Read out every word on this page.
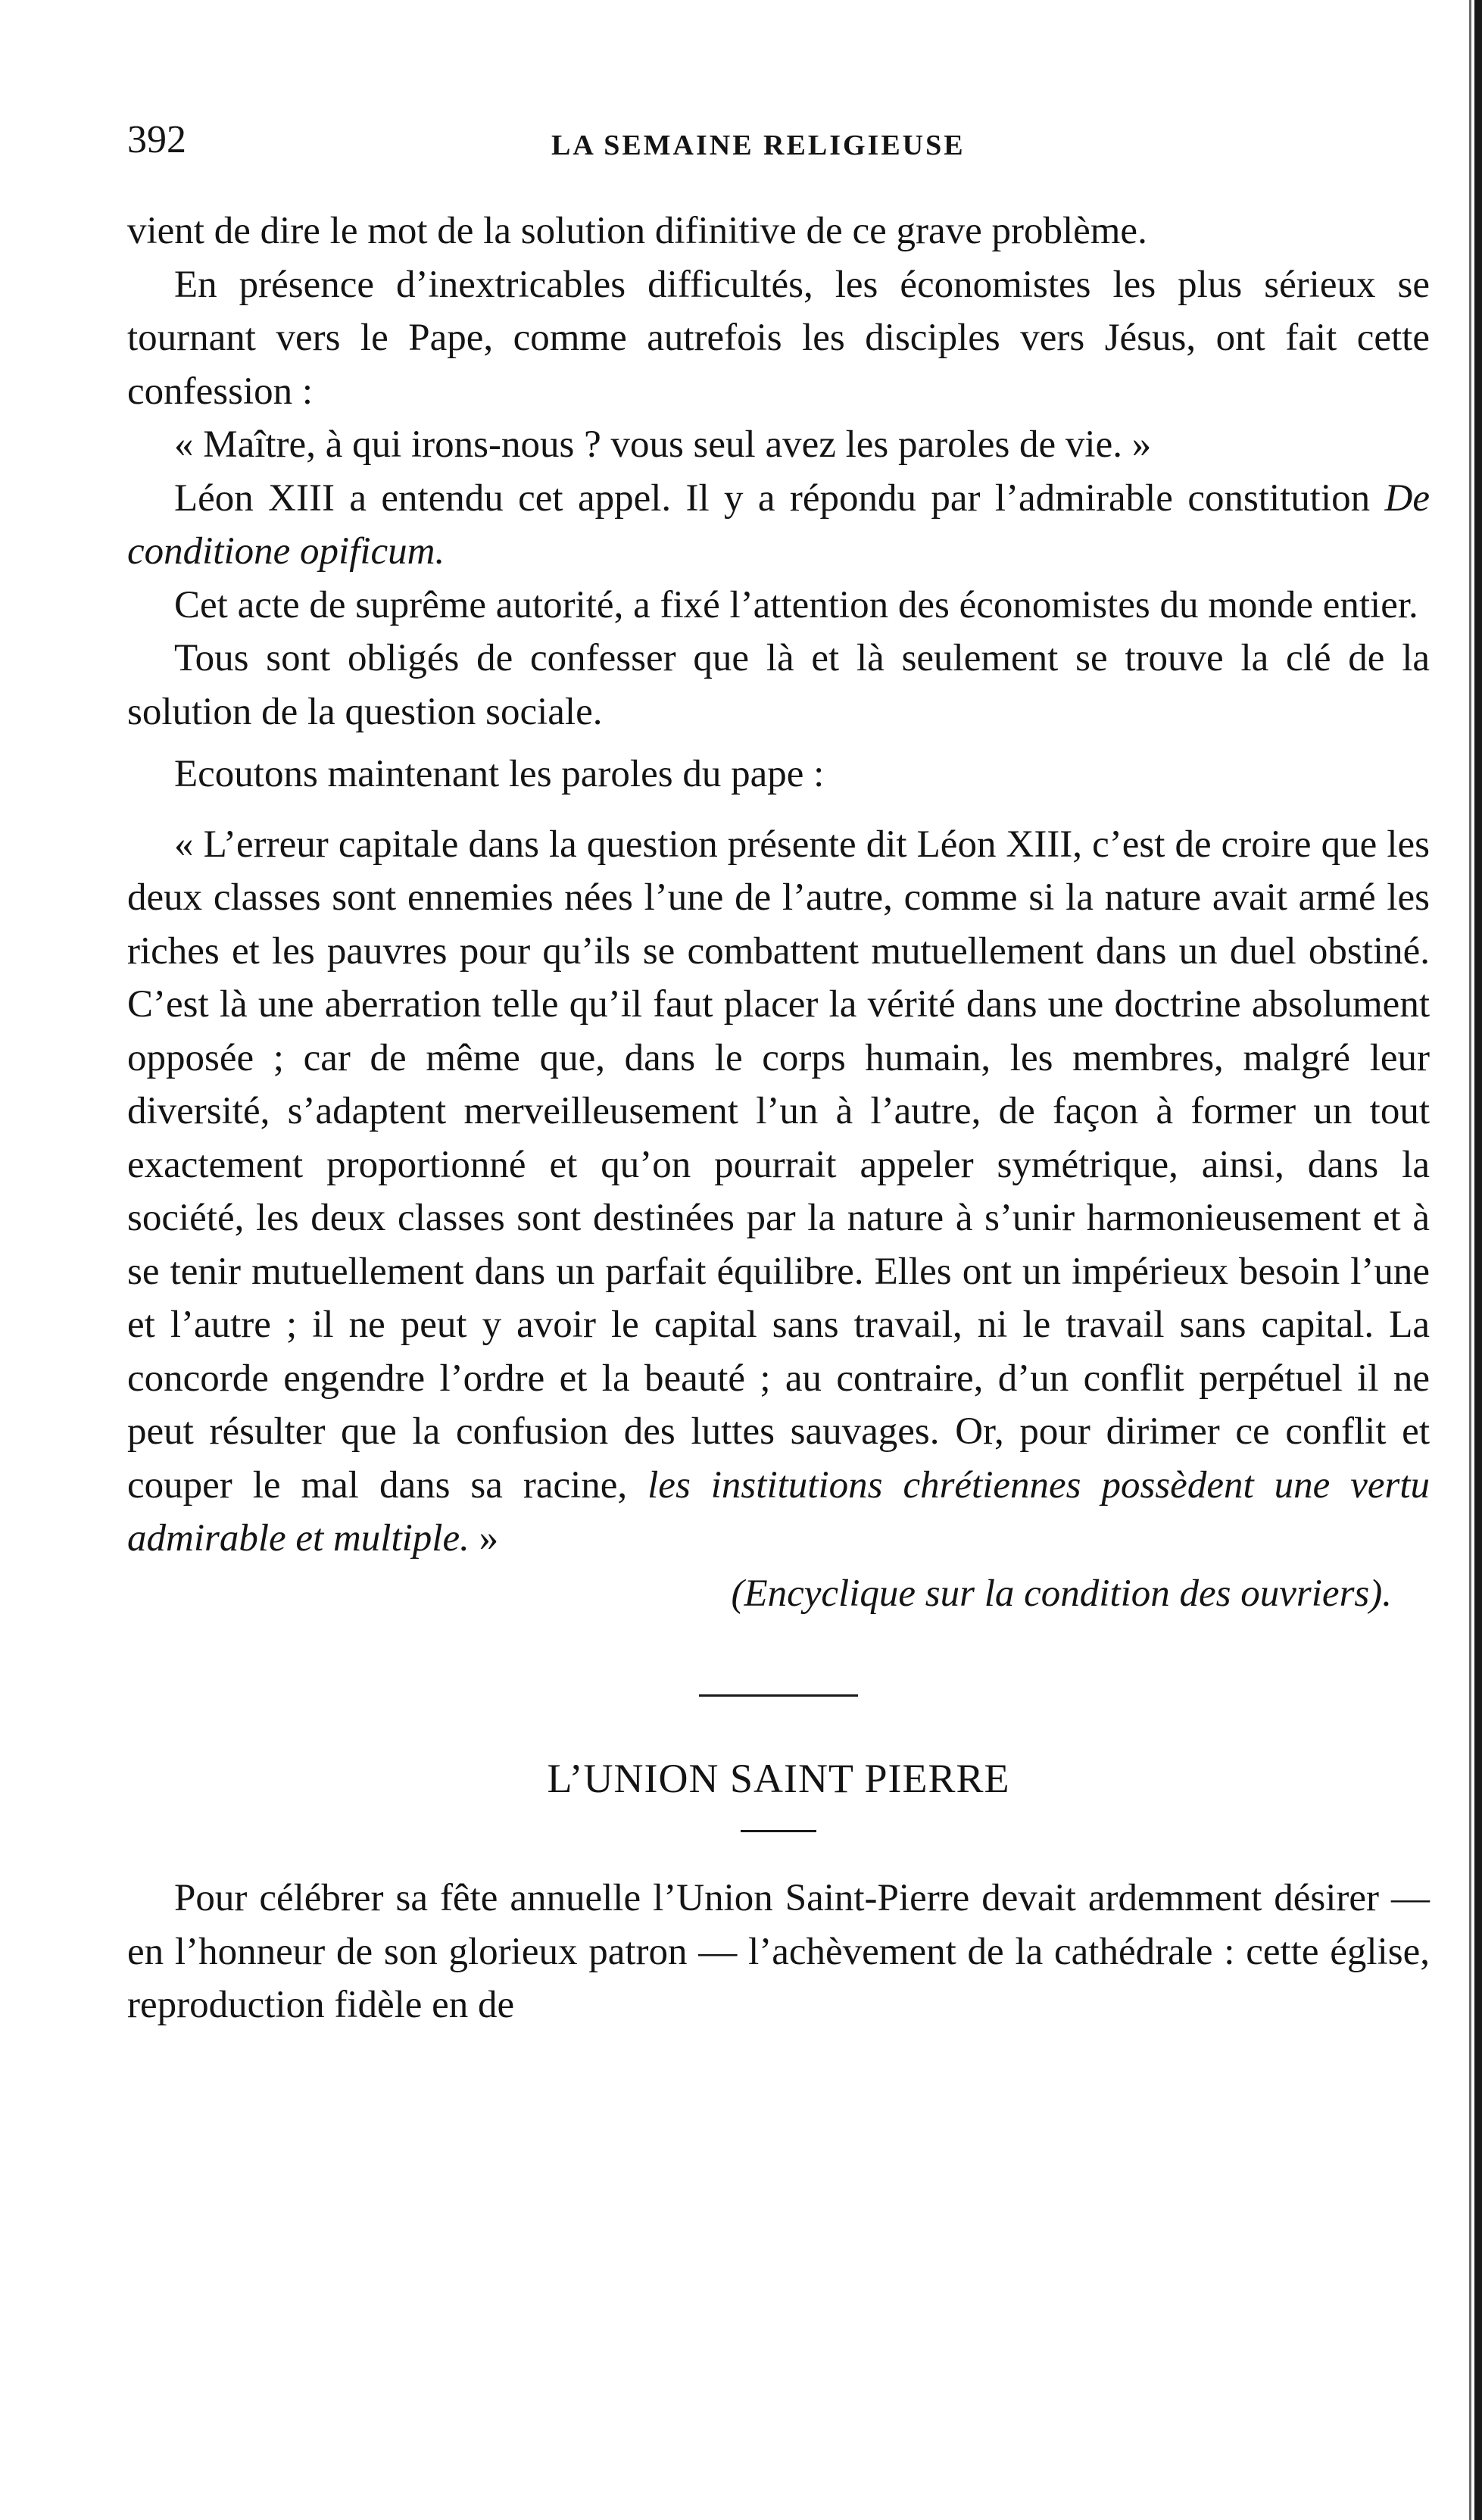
392	LA SEMAINE RELIGIEUSE

vient de dire le mot de la solution difinitive de ce grave problème.

En présence d’inextricables difficultés, les économistes les plus sérieux se tournant vers le Pape, comme autrefois les disciples vers Jésus, ont fait cette confession :

« Maître, à qui irons-nous ? vous seul avez les paroles de vie. »

Léon XIII a entendu cet appel. Il y a répondu par l’admirable constitution De conditione opificum.

Cet acte de suprême autorité, a fixé l’attention des économistes du monde entier.

Tous sont obligés de confesser que là et là seulement se trouve la clé de la solution de la question sociale.

Ecoutons maintenant les paroles du pape :

« L’erreur capitale dans la question présente dit Léon XIII, c’est de croire que les deux classes sont ennemies nées l’une de l’autre, comme si la nature avait armé les riches et les pauvres pour qu’ils se combattent mutuellement dans un duel obstiné. C’est là une aberration telle qu’il faut placer la vérité dans une doctrine absolument opposée ; car de même que, dans le corps humain, les membres, malgré leur diversité, s’adaptent merveilleusement l’un à l’autre, de façon à former un tout exactement proportionné et qu’on pourrait appeler symétrique, ainsi, dans la société, les deux classes sont destinées par la nature à s’unir harmonieusement et à se tenir mutuellement dans un parfait équilibre. Elles ont un impérieux besoin l’une et l’autre ; il ne peut y avoir le capital sans travail, ni le travail sans capital. La concorde engendre l’ordre et la beauté ; au contraire, d’un conflit perpétuel il ne peut résulter que la confusion des luttes sauvages. Or, pour dirimer ce conflit et couper le mal dans sa racine, les institutions chrétiennes possèdent une vertu admirable et multiple. »

(Encyclique sur la condition des ouvriers).

L’UNION SAINT PIERRE

Pour célébrer sa fête annuelle l’Union Saint-Pierre devait ardemment désirer — en l’honneur de son glorieux patron — l’achèvement de la cathédrale : cette église, reproduction fidèle en de
